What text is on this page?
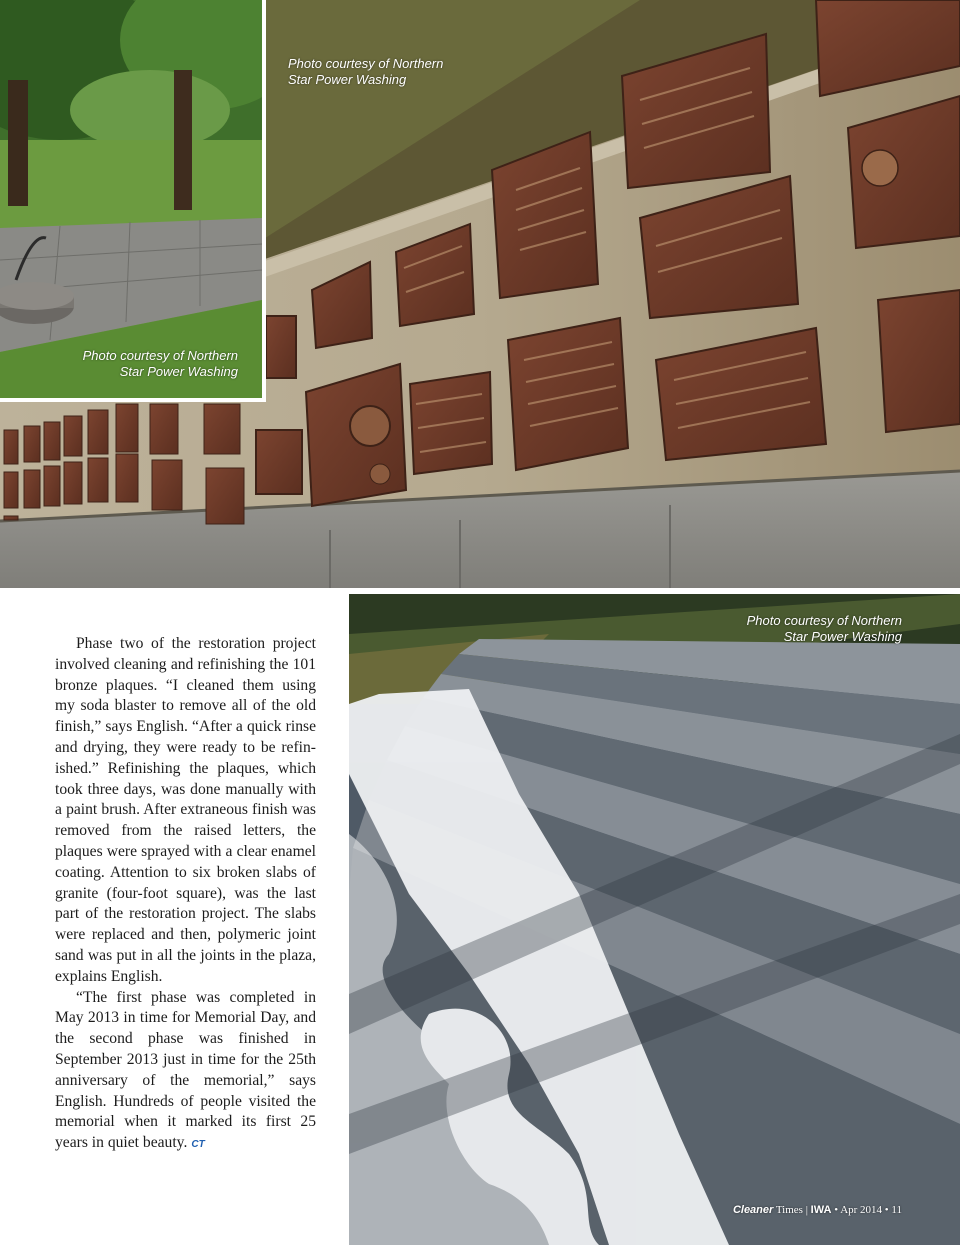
Photo courtesy of Northern
Star Power Washing
Photo courtesy of Northern
Star Power Washing

Phase two of the restoration project involved cleaning and refinishing the 101 bronze plaques. “I cleaned them using my soda blaster to remove all of the old finish,” says English. “After a quick rinse and drying, they were ready to be refinished.” Refinishing the plaques, which took three days, was done manually with a paint brush. After extraneous finish was removed from the raised letters, the plaques were sprayed with a clear enamel coating. Attention to six broken slabs of granite (four-foot square), was the last part of the restoration project. The slabs were replaced and then, polymeric joint sand was put in all the joints in the plaza, explains English.

“The first phase was completed in May 2013 in time for Memorial Day, and the second phase was finished in September 2013 just in time for the 25th anniversary of the memorial,” says English. Hundreds of people visited the memorial when it marked its first 25 years in quiet beauty. CT

Photo courtesy of Northern
Star Power Washing
Cleaner Times | IWA • Apr 2014 • 11
